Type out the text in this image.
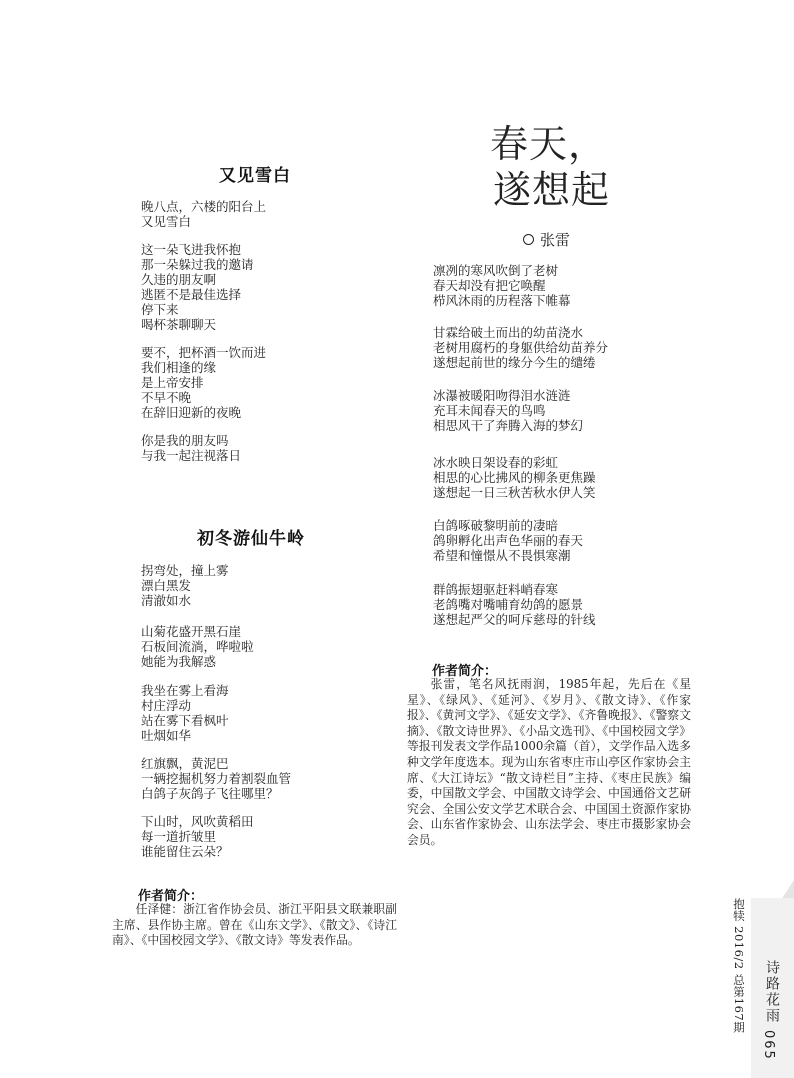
又见雪白
晚八点，六楼的阳台上
又见雪白
这一朵飞进我怀抱
那一朵躲过我的邀请
久违的朋友啊
逃匿不是最佳选择
停下来
喝杯茶聊聊天
要不，把杯酒一饮而进
我们相逢的缘
是上帝安排
不早不晚
在辞旧迎新的夜晚
你是我的朋友吗
与我一起注视落日
初冬游仙牛岭
拐弯处，撞上雾
漂白黑发
清澈如水
山菊花盛开黑石崖
石板间流淌，哗啦啦
她能为我解惑
我坐在雾上看海
村庄浮动
站在雾下看枫叶
吐烟如华
红旗飘，黄泥巴
一辆挖掘机努力着割裂血管
白鸽子灰鸽子飞往哪里？
下山时，风吹黄稻田
每一道折皱里
谁能留住云朵？
作者简介：
任泽健：浙江省作协会员、浙江平阳县文联兼职副主席、县作协主席。曾在《山东文学》、《散文》、《诗江南》、《中国校园文学》、《散文诗》等发表作品。
春天，
遂想起
张雷
凛冽的寒风吹倒了老树
春天却没有把它唤醒
栉风沐雨的历程落下帷幕
甘霖给破土而出的幼苗浇水
老树用腐朽的身躯供给幼苗养分
遂想起前世的缘分今生的缱绻
冰瀑被暖阳吻得泪水涟涟
充耳未闻春天的鸟鸣
相思风干了奔腾入海的梦幻
冰水映日架设春的彩虹
相思的心比拂风的柳条更焦躁
遂想起一日三秋苦秋水伊人笑
白鸽啄破黎明前的凄暗
鸽卵孵化出声色华丽的春天
希望和憧憬从不畏惧寒潮
群鸽振翅驱赶料峭春寒
老鸽嘴对嘴哺育幼鸽的愿景
遂想起严父的呵斥慈母的针线
作者简介：
张雷，笔名风抚雨润，1985年起，先后在《星星》、《绿风》、《延河》、《岁月》、《散文诗》、《作家报》、《黄河文学》、《延安文学》、《齐鲁晚报》、《警察文摘》、《散文诗世界》、《小品文选刊》、《中国校园文学》等报刊发表文学作品1000余篇（首），文学作品入选多种文学年度选本。现为山东省枣庄市山亭区作家协会主席、《大江诗坛》“散文诗栏目”主持、《枣庄民族》编委，中国散文学会、中国散文诗学会、中国通俗文艺研究会、全国公安文学艺术联合会、中国国土资源作家协会、山东省作家协会、山东法学会、枣庄市摄影家协会会员。
抱犊 2016/2 总第167期 诗路花雨
065
